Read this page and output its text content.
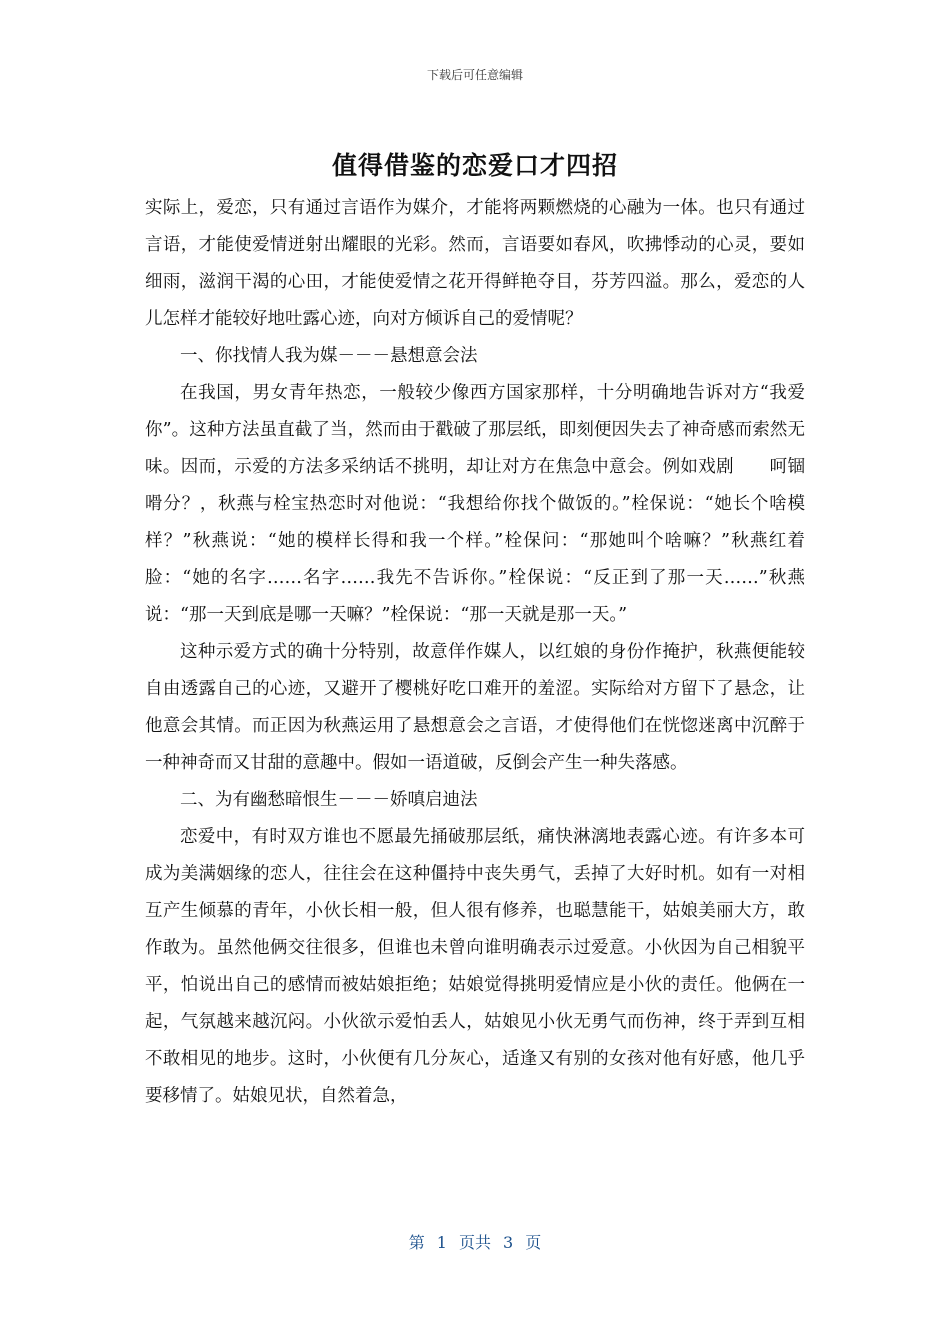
下载后可任意编辑
值得借鉴的恋爱口才四招

实际上，爱恋，只有通过言语作为媒介，才能将两颗燃烧的心融为一体。也只有通过言语，才能使爱情迸射出耀眼的光彩。然而，言语要如春风，吹拂悸动的心灵，要如细雨，滋润干渴的心田，才能使爱情之花开得鲜艳夺目，芬芳四溢。那么，爱恋的人儿怎样才能较好地吐露心迹，向对方倾诉自己的爱情呢？

一、你找情人我为媒－－－悬想意会法

在我国，男女青年热恋，一般较少像西方国家那样，十分明确地告诉对方“我爱你”。这种方法虽直截了当，然而由于戳破了那层纸，即刻便因失去了神奇感而索然无味。因而，示爱的方法多采纳话不挑明，却让对方在焦急中意会。例如戏剧　　呵锢嗗分？，秋燕与栓宝热恋时对他说：“我想给你找个做饭的。”栓保说：“她长个啥模样？”秋燕说：“她的模样长得和我一个样。”栓保问：“那她叫个啥嘛？”秋燕红着脸：“她的名字……名字……我先不告诉你。”栓保说：“反正到了那一天……”秋燕说：“那一天到底是哪一天嘛？”栓保说：“那一天就是那一天。”

这种示爱方式的确十分特别，故意佯作媒人，以红娘的身份作掩护，秋燕便能较自由透露自己的心迹，又避开了樱桃好吃口难开的羞涩。实际给对方留下了悬念，让他意会其情。而正因为秋燕运用了悬想意会之言语，才使得他们在恍惚迷离中沉醉于一种神奇而又甘甜的意趣中。假如一语道破，反倒会产生一种失落感。

二、为有幽愁暗恨生－－－娇嗔启迪法

恋爱中，有时双方谁也不愿最先捅破那层纸，痛快淋漓地表露心迹。有许多本可成为美满姻缘的恋人，往往会在这种僵持中丧失勇气，丢掉了大好时机。如有一对相互产生倾慕的青年，小伙长相一般，但人很有修养，也聪慧能干，姑娘美丽大方，敢作敢为。虽然他俩交往很多，但谁也未曾向谁明确表示过爱意。小伙因为自己相貌平平，怕说出自己的感情而被姑娘拒绝；姑娘觉得挑明爱情应是小伙的责任。他俩在一起，气氛越来越沉闷。小伙欲示爱怕丢人，姑娘见小伙无勇气而伤神，终于弄到互相不敢相见的地步。这时，小伙便有几分灰心，适逢又有别的女孩对他有好感，他几乎要移情了。姑娘见状，自然着急，

第 1 页共 3 页
